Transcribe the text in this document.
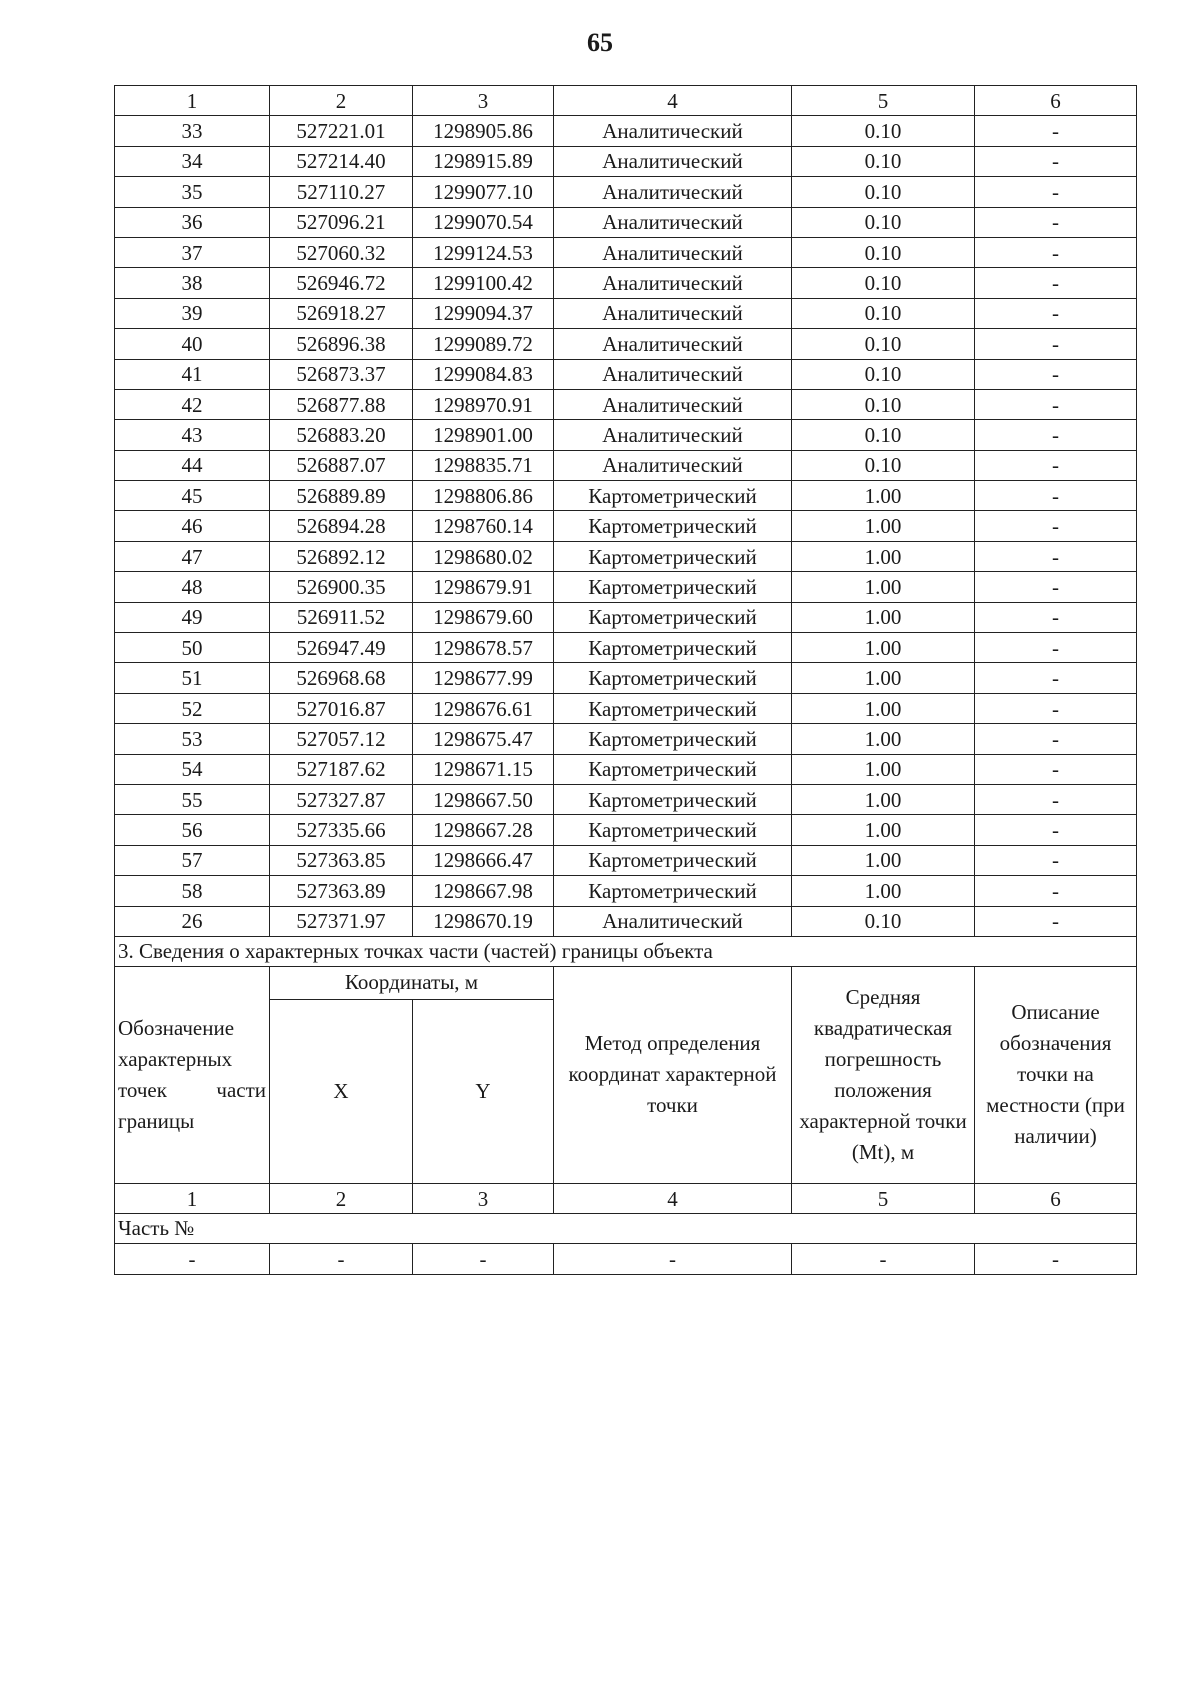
65
1	2	3	4	5	6
33	527221.01	1298905.86	Аналитический	0.10	-
34	527214.40	1298915.89	Аналитический	0.10	-
35	527110.27	1299077.10	Аналитический	0.10	-
36	527096.21	1299070.54	Аналитический	0.10	-
37	527060.32	1299124.53	Аналитический	0.10	-
38	526946.72	1299100.42	Аналитический	0.10	-
39	526918.27	1299094.37	Аналитический	0.10	-
40	526896.38	1299089.72	Аналитический	0.10	-
41	526873.37	1299084.83	Аналитический	0.10	-
42	526877.88	1298970.91	Аналитический	0.10	-
43	526883.20	1298901.00	Аналитический	0.10	-
44	526887.07	1298835.71	Аналитический	0.10	-
45	526889.89	1298806.86	Картометрический	1.00	-
46	526894.28	1298760.14	Картометрический	1.00	-
47	526892.12	1298680.02	Картометрический	1.00	-
48	526900.35	1298679.91	Картометрический	1.00	-
49	526911.52	1298679.60	Картометрический	1.00	-
50	526947.49	1298678.57	Картометрический	1.00	-
51	526968.68	1298677.99	Картометрический	1.00	-
52	527016.87	1298676.61	Картометрический	1.00	-
53	527057.12	1298675.47	Картометрический	1.00	-
54	527187.62	1298671.15	Картометрический	1.00	-
55	527327.87	1298667.50	Картометрический	1.00	-
56	527335.66	1298667.28	Картометрический	1.00	-
57	527363.85	1298666.47	Картометрический	1.00	-
58	527363.89	1298667.98	Картометрический	1.00	-
26	527371.97	1298670.19	Аналитический	0.10	-
3. Сведения о характерных точках части (частей) границы объекта					
Обозначение характерных точек части границы	Координаты, м		Метод определения координат характерной точки	Средняя квадратическая погрешность положения характерной точки (Mt), м	Описание обозначения точки на местности (при наличии)
	X	Y			
1	2	3	4	5	6
Часть №					
-	-	-	-	-	-
